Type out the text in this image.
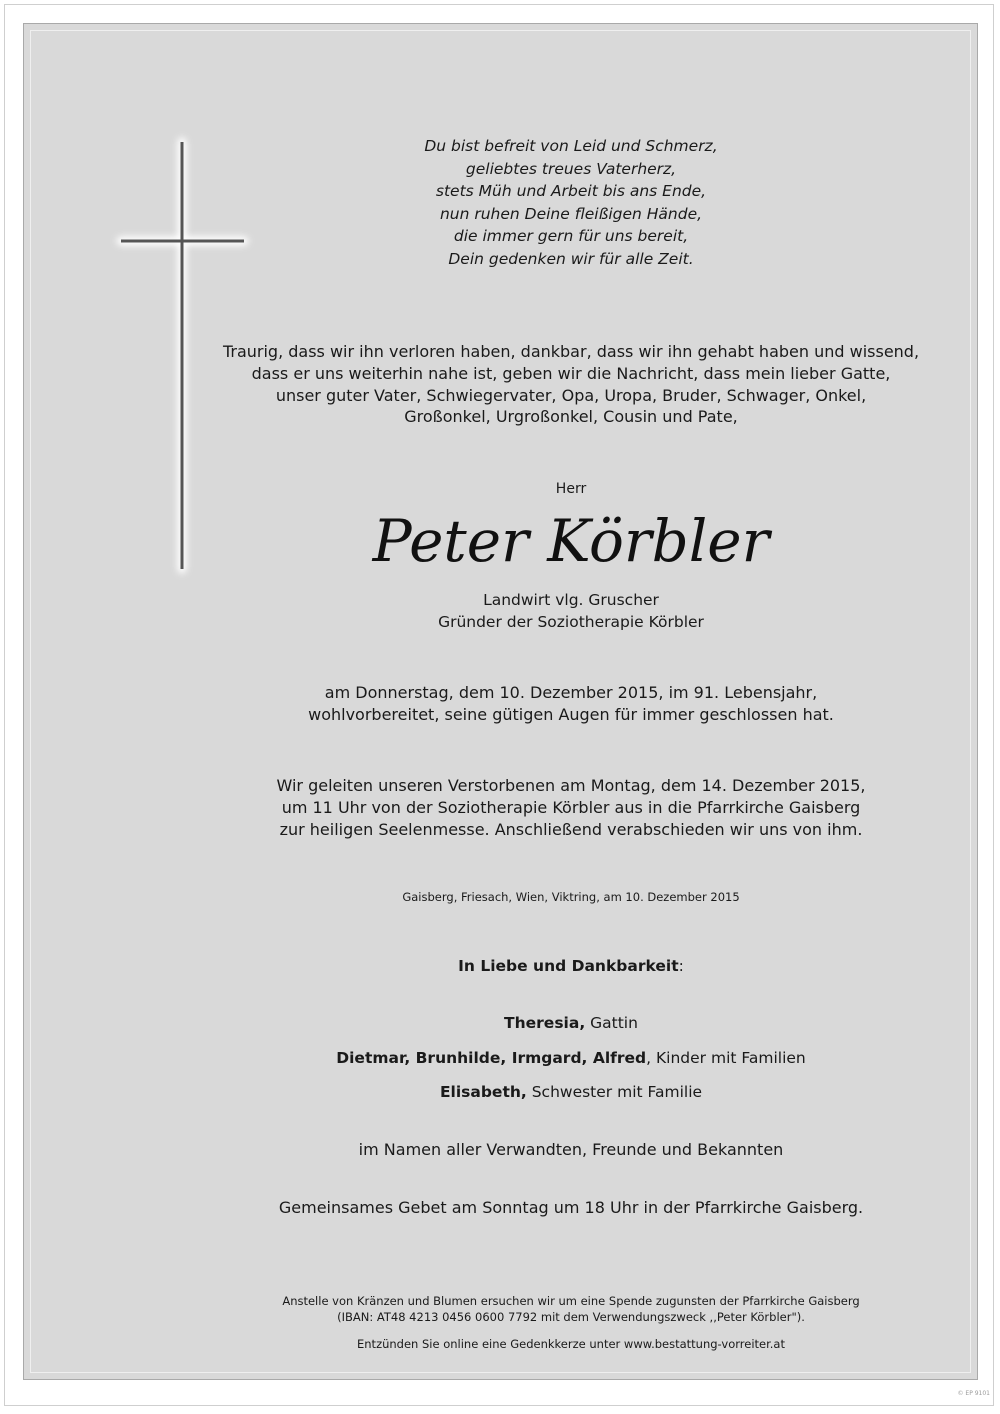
Du bist befreit von Leid und Schmerz,
geliebtes treues Vaterherz,
stets Müh und Arbeit bis ans Ende,
nun ruhen Deine fleißigen Hände,
die immer gern für uns bereit,
Dein gedenken wir für alle Zeit.
Traurig, dass wir ihn verloren haben, dankbar, dass wir ihn gehabt haben und wissend,
dass er uns weiterhin nahe ist, geben wir die Nachricht, dass mein lieber Gatte,
unser guter Vater, Schwiegervater, Opa, Uropa, Bruder, Schwager, Onkel,
Großonkel, Urgroßonkel, Cousin und Pate,
Herr
Peter Körbler
Landwirt vlg. Gruscher
Gründer der Soziotherapie Körbler
am Donnerstag, dem 10. Dezember 2015, im 91. Lebensjahr,
wohlvorbereitet, seine gütigen Augen für immer geschlossen hat.
Wir geleiten unseren Verstorbenen am Montag, dem 14. Dezember 2015,
um 11 Uhr von der Soziotherapie Körbler aus in die Pfarrkirche Gaisberg
zur heiligen Seelenmesse. Anschließend verabschieden wir uns von ihm.
Gaisberg, Friesach, Wien, Viktring, am 10. Dezember 2015
In Liebe und Dankbarkeit:
Theresia, Gattin
Dietmar, Brunhilde, Irmgard, Alfred, Kinder mit Familien
Elisabeth, Schwester mit Familie
im Namen aller Verwandten, Freunde und Bekannten
Gemeinsames Gebet am Sonntag um 18 Uhr in der Pfarrkirche Gaisberg.
Anstelle von Kränzen und Blumen ersuchen wir um eine Spende zugunsten der Pfarrkirche Gaisberg
(IBAN: AT48 4213 0456 0600 7792 mit dem Verwendungszweck ,,Peter Körbler").
Entzünden Sie online eine Gedenkkerze unter www.bestattung-vorreiter.at
© EP 9101
